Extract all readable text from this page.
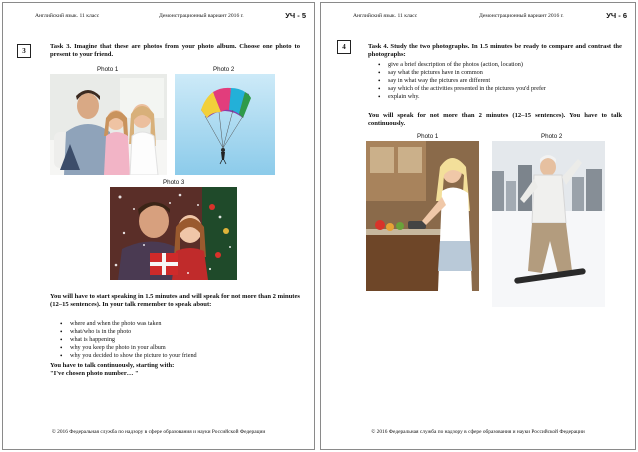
Английский язык. 11 класс	Демонстрационный вариант 2016 г.	УЧ - 5
3
Task 3. Imagine that these are photos from your photo album. Choose one photo to present to your friend.
Photo 1	Photo 2
Photo 3
You will have to start speaking in 1.5 minutes and will speak for not more than 2 minutes (12–15 sentences). In your talk remember to speak about:
• where and when the photo was taken
• what/who is in the photo
• what is happening
• why you keep the photo in your album
• why you decided to show the picture to your friend
You have to talk continuously, starting with:
"I've chosen photo number… "
© 2016 Федеральная служба по надзору в сфере образования и науки Российской Федерации
Английский язык. 11 класс	Демонстрационный вариант 2016 г.	УЧ - 6
4	Task 4. Study the two photographs. In 1.5 minutes be ready to compare and contrast the photographs:
• give a brief description of the photos (action, location)
• say what the pictures have in common
• say in what way the pictures are different
• say which of the activities presented in the pictures you'd prefer
• explain why.
You will speak for not more than 2 minutes (12–15 sentences). You have to talk continuously.
Photo 1	Photo 2
© 2016 Федеральная служба по надзору в сфере образования и науки Российской Федерации
